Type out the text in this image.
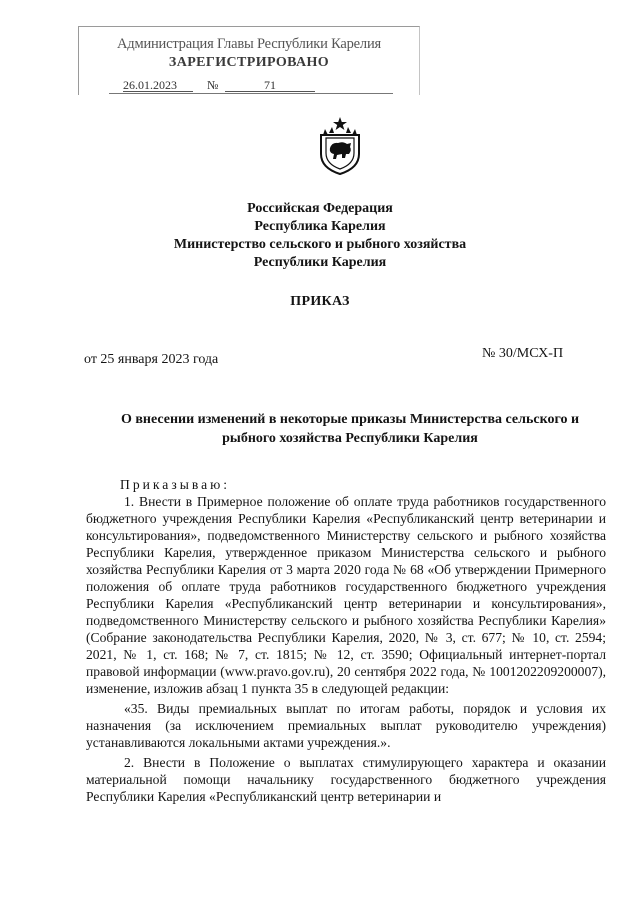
Администрация Главы Республики Карелия
ЗАРЕГИСТРИРОВАНО
26.01.2023	№	71
Российская Федерация
Республика Карелия
Министерство сельского и рыбного хозяйства
Республики Карелия
ПРИКАЗ
от 25 января 2023 года	№ 30/МСХ-П
О внесении изменений в некоторые приказы Министерства сельского и
рыбного хозяйства Республики Карелия

Приказываю:

1. Внести в Примерное положение об оплате труда работников государственного бюджетного учреждения Республики Карелия «Республиканский центр ветеринарии и консультирования», подведомственного Министерству сельского и рыбного хозяйства Республики Карелия, утвержденное приказом Министерства сельского и рыбного хозяйства Республики Карелия от 3 марта 2020 года № 68 «Об утверждении Примерного положения об оплате труда работников государственного бюджетного учреждения Республики Карелия «Республиканский центр ветеринарии и консультирования», подведомственного Министерству сельского и рыбного хозяйства Республики Карелия» (Собрание законодательства Республики Карелия, 2020, № 3, ст. 677; № 10, ст. 2594; 2021, № 1, ст. 168; № 7, ст. 1815; № 12, ст. 3590; Официальный интернет-портал правовой информации (www.pravo.gov.ru), 20 сентября 2022 года, № 1001202209200007), изменение, изложив абзац 1 пункта 35 в следующей редакции:

«35. Виды премиальных выплат по итогам работы, порядок и условия их назначения (за исключением премиальных выплат руководителю учреждения) устанавливаются локальными актами учреждения.».

2. Внести в Положение о выплатах стимулирующего характера и оказании материальной помощи начальнику государственного бюджетного учреждения Республики Карелия «Республиканский центр ветеринарии и
